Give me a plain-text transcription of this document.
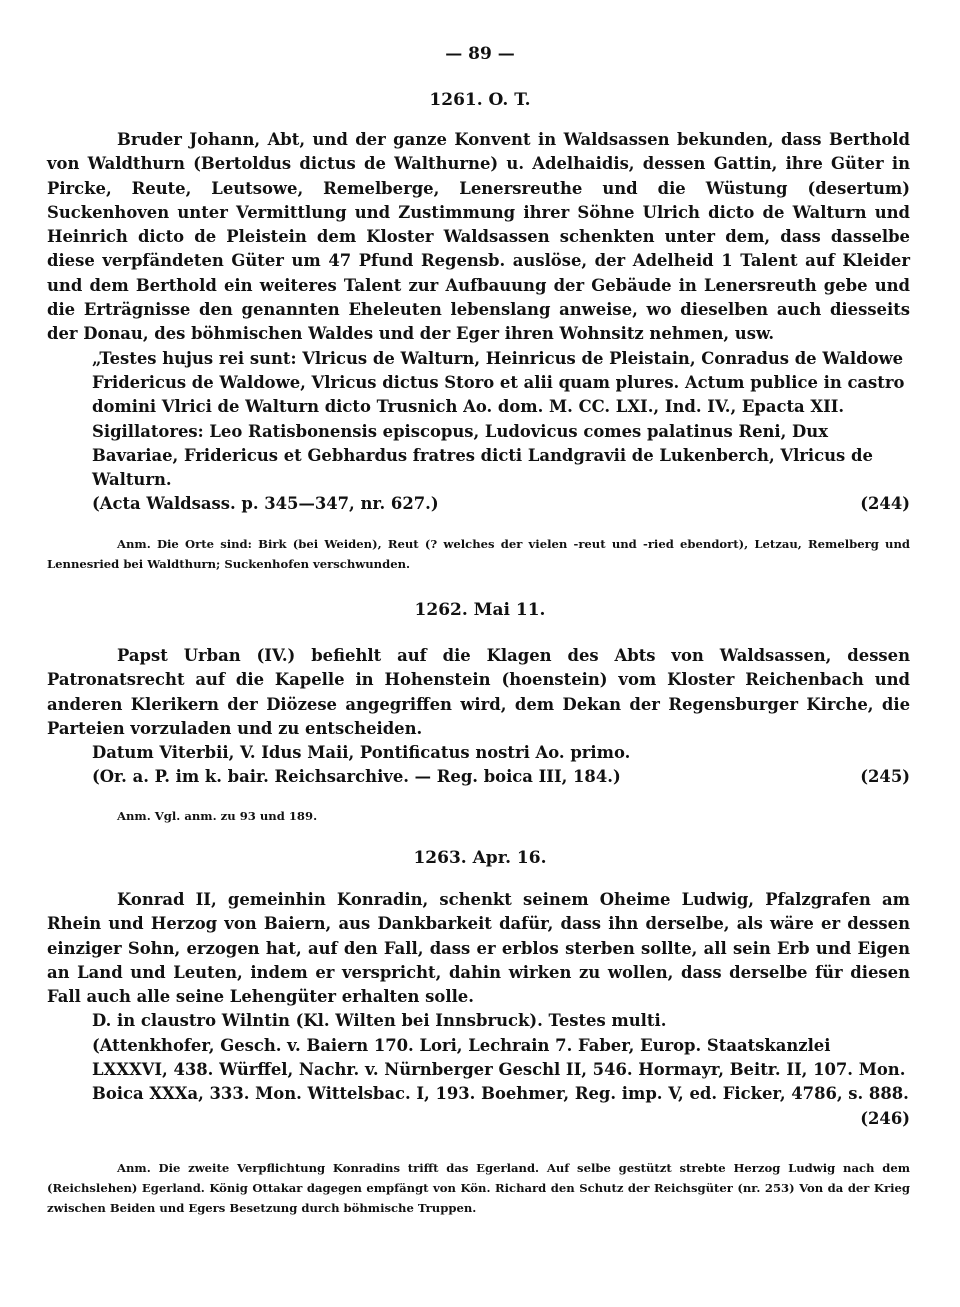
— 89 —
1261. O. T.

Bruder Johann, Abt, und der ganze Konvent in Waldsassen bekunden, dass Berthold von Waldthurn (Bertoldus dictus de Walthurne) u. Adelhaidis, dessen Gattin, ihre Güter in Pircke, Reute, Leutsowe, Remelberge, Lenersreuthe und die Wüstung (desertum) Suckenhoven unter Vermittlung und Zustimmung ihrer Söhne Ulrich dicto de Walturn und Heinrich dicto de Pleistein dem Kloster Waldsassen schenkten unter dem, dass dasselbe diese verpfändeten Güter um 47 Pfund Regensb. auslöse, der Adelheid 1 Talent auf Kleider und dem Berthold ein weiteres Talent zur Aufbauung der Gebäude in Lenersreuth gebe und die Erträgnisse den genannten Eheleuten lebenslang anweise, wo dieselben auch diesseits der Donau, des böhmischen Waldes und der Eger ihren Wohnsitz nehmen, usw.

„Testes hujus rei sunt: Vlricus de Walturn, Heinricus de Pleistain, Conradus de Waldowe Fridericus de Waldowe, Vlricus dictus Storo et alii quam plures. Actum publice in castro domini Vlrici de Walturn dicto Trusnich Ao. dom. M. CC. LXI., Ind. IV., Epacta XII. Sigillatores: Leo Ratisbonensis episcopus, Ludovicus comes palatinus Reni, Dux Bavariae, Fridericus et Gebhardus fratres dicti Landgravii de Lukenberch, Vlricus de Walturn.

(Acta Waldsass. p. 345—347, nr. 627.)	(244)

Anm. Die Orte sind: Birk (bei Weiden), Reut (? welches der vielen -reut und -ried ebendort), Letzau, Remelberg und Lennesried bei Waldthurn; Suckenhofen verschwunden.

1262. Mai 11.

Papst Urban (IV.) befiehlt auf die Klagen des Abts von Waldsassen, dessen Patronatsrecht auf die Kapelle in Hohenstein (hoenstein) vom Kloster Reichenbach und anderen Klerikern der Diözese angegriffen wird, dem Dekan der Regensburger Kirche, die Parteien vorzuladen und zu entscheiden.

Datum Viterbii, V. Idus Maii, Pontificatus nostri Ao. primo.

(Or. a. P. im k. bair. Reichsarchive. — Reg. boica III, 184.)	(245)

Anm. Vgl. anm. zu 93 und 189.

1263. Apr. 16.

Konrad II, gemeinhin Konradin, schenkt seinem Oheime Ludwig, Pfalzgrafen am Rhein und Herzog von Baiern, aus Dankbarkeit dafür, dass ihn derselbe, als wäre er dessen einziger Sohn, erzogen hat, auf den Fall, dass er erblos sterben sollte, all sein Erb und Eigen an Land und Leuten, indem er verspricht, dahin wirken zu wollen, dass derselbe für diesen Fall auch alle seine Lehengüter erhalten solle.

D. in claustro Wilntin (Kl. Wilten bei Innsbruck). Testes multi.

(Attenkhofer, Gesch. v. Baiern 170. Lori, Lechrain 7. Faber, Europ. Staatskanzlei LXXXVI, 438. Würffel, Nachr. v. Nürnberger Geschl II, 546. Hormayr, Beitr. II, 107. Mon. Boica XXXa, 333. Mon. Wittelsbac. I, 193. Boehmer, Reg. imp. V, ed. Ficker, 4786, s. 888.

(246)

Anm. Die zweite Verpflichtung Konradins trifft das Egerland. Auf selbe gestützt strebte Herzog Ludwig nach dem (Reichslehen) Egerland. König Ottakar dagegen empfängt von Kön. Richard den Schutz der Reichsgüter (nr. 253) Von da der Krieg zwischen Beiden und Egers Besetzung durch böhmische Truppen.
